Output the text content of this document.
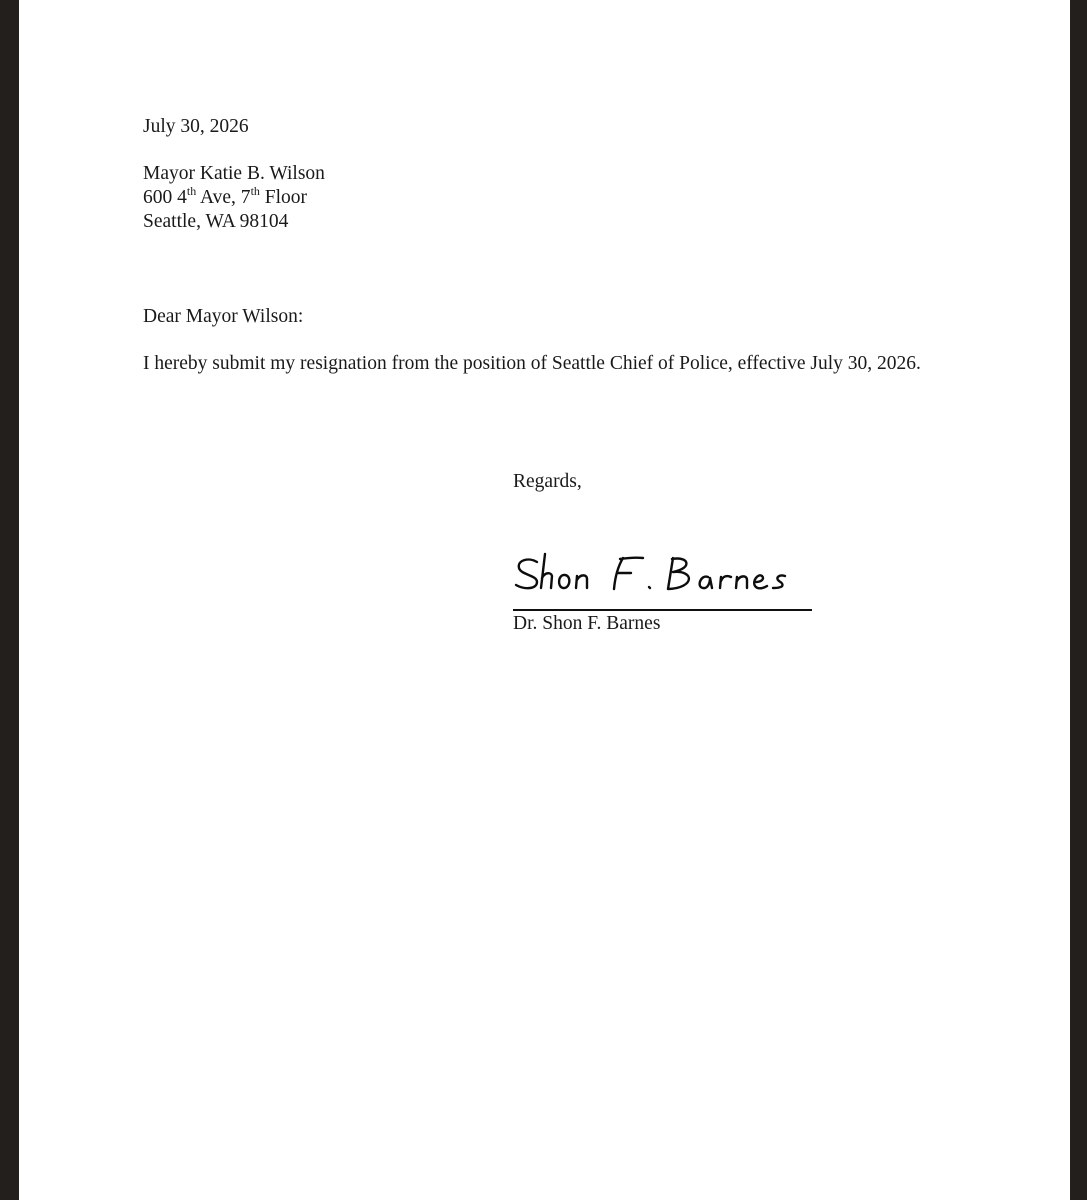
July 30, 2026

Mayor Katie B. Wilson
600 4th Ave, 7th Floor
Seattle, WA 98104

Dear Mayor Wilson:

I hereby submit my resignation from the position of Seattle Chief of Police, effective July 30, 2026.

Regards,

Dr. Shon F. Barnes
